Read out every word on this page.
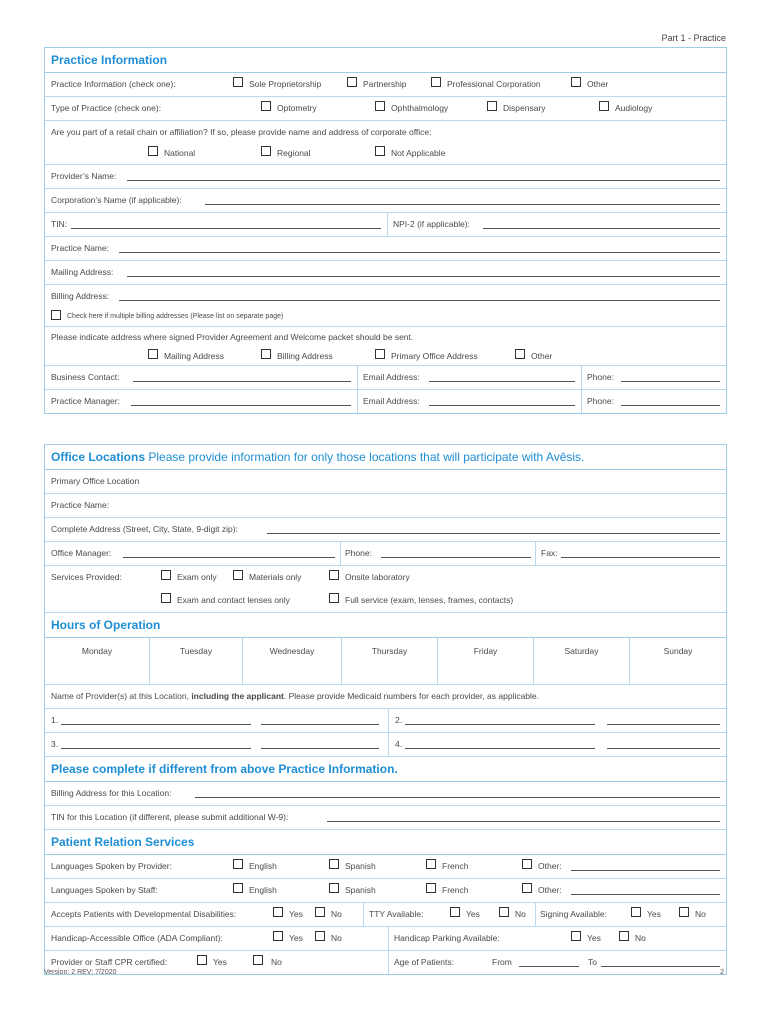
Part 1 - Practice
Practice Information
Practice Information (check one):	Sole Proprietorship	Partnership	Professional Corporation	Other
Type of Practice (check one):	Optometry	Ophthalmology	Dispensary	Audiology
Are you part of a retail chain or affiliation? If so, please provide name and address of corporate office:
National	Regional	Not Applicable
Provider’s Name:
Corporation’s Name (if applicable):
TIN:	NPI-2 (if applicable):
Practice Name:
Mailing Address:
Billing Address:
Check here if multiple billing addresses (Please list on separate page)
Please indicate address where signed Provider Agreement and Welcome packet should be sent.
Mailing Address	Billing Address	Primary Office Address	Other
Business Contact:	Email Address:	Phone:
Practice Manager:	Email Address:	Phone:
Office Locations Please provide information for only those locations that will participate with Avēsis.
Primary Office Location
Practice Name:
Complete Address (Street, City, State, 9-digit zip):
Office Manager:	Phone:	Fax:
Services Provided:	Exam only	Materials only	Onsite laboratory
Exam and contact lenses only	Full service (exam, lenses, frames, contacts)
Hours of Operation
Monday	Tuesday	Wednesday	Thursday	Friday	Saturday	Sunday
Name of Provider(s) at this Location, including the applicant. Please provide Medicaid numbers for each provider, as applicable.
1.	2.
3.	4.
Please complete if different from above Practice Information.
Billing Address for this Location:
TIN for this Location (if different, please submit additional W-9):
Patient Relation Services
Languages Spoken by Provider:	English	Spanish	French	Other:
Languages Spoken by Staff:	English	Spanish	French	Other:
Accepts Patients with Developmental Disabilities:	Yes	No	TTY Available:	Yes	No Signing Available:	Yes	No
Handicap-Accessible Office (ADA Compliant):	Yes	No	Handicap Parking Available:	Yes	No
Provider or Staff CPR certified:	Yes	No	Age of Patients:	From	To
Version: 2 REV: 7/2020	2
